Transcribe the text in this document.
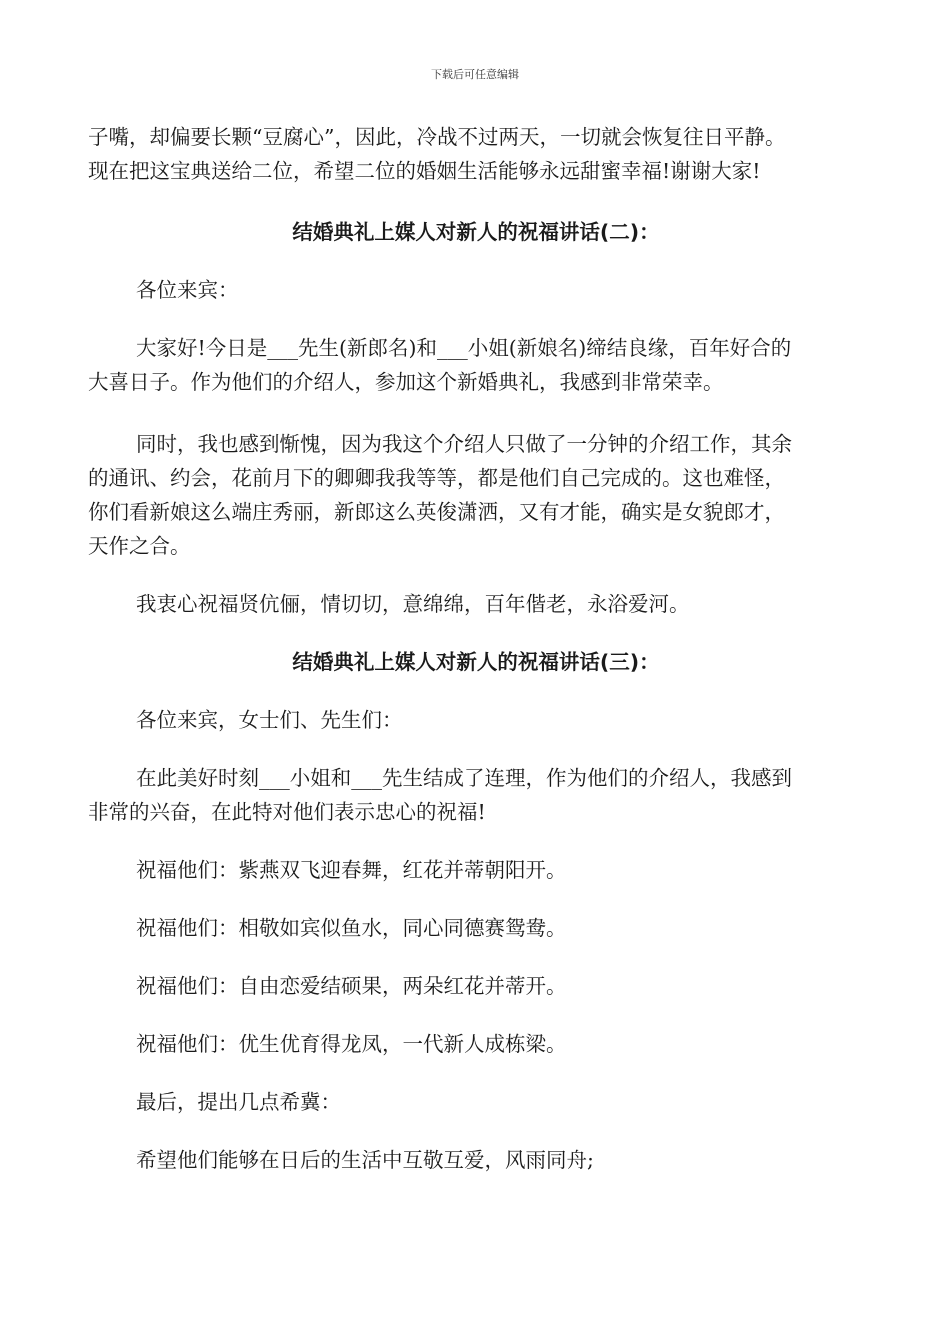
下载后可任意编辑

子嘴，却偏要长颗“豆腐心”，因此，冷战不过两天，一切就会恢复往日平静。
现在把这宝典送给二位，希望二位的婚姻生活能够永远甜蜜幸福!谢谢大家!

结婚典礼上媒人对新人的祝福讲话(二)：

各位来宾：

大家好!今日是___先生(新郎名)和___小姐(新娘名)缔结良缘，百年好合的
大喜日子。作为他们的介绍人，参加这个新婚典礼，我感到非常荣幸。

同时，我也感到惭愧，因为我这个介绍人只做了一分钟的介绍工作，其余
的通讯、约会，花前月下的卿卿我我等等，都是他们自己完成的。这也难怪，
你们看新娘这么端庄秀丽，新郎这么英俊潇洒，又有才能，确实是女貌郎才，
天作之合。

我衷心祝福贤伉俪，情切切，意绵绵，百年偕老，永浴爱河。

结婚典礼上媒人对新人的祝福讲话(三)：

各位来宾，女士们、先生们：

在此美好时刻___小姐和___先生结成了连理，作为他们的介绍人，我感到
非常的兴奋，在此特对他们表示忠心的祝福!

祝福他们：紫燕双飞迎春舞，红花并蒂朝阳开。

祝福他们：相敬如宾似鱼水，同心同德赛鸳鸯。

祝福他们：自由恋爱结硕果，两朵红花并蒂开。

祝福他们：优生优育得龙凤，一代新人成栋梁。

最后，提出几点希冀：

希望他们能够在日后的生活中互敬互爱，风雨同舟;
